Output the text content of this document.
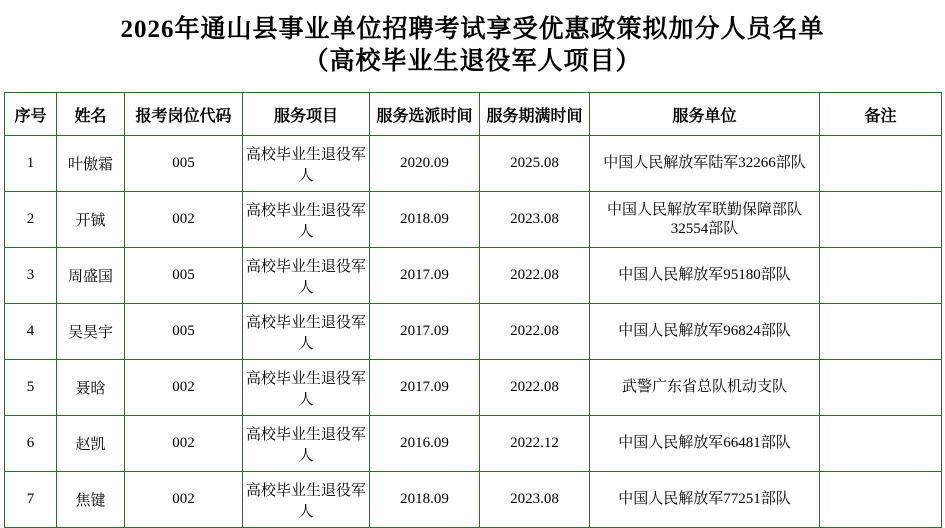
2026年通山县事业单位招聘考试享受优惠政策拟加分人员名单
（高校毕业生退役军人项目）
序号	姓名	报考岗位代码	服务项目	服务选派时间	服务期满时间	服务单位	备注
1	叶傲霜	005	高校毕业生退役军人	2020.09	2025.08	中国人民解放军陆军32266部队	
2	开铖	002	高校毕业生退役军人	2018.09	2023.08	中国人民解放军联勤保障部队32554部队	
3	周盛国	005	高校毕业生退役军人	2017.09	2022.08	中国人民解放军95180部队	
4	吴昊宇	005	高校毕业生退役军人	2017.09	2022.08	中国人民解放军96824部队	
5	聂晗	002	高校毕业生退役军人	2017.09	2022.08	武警广东省总队机动支队	
6	赵凯	002	高校毕业生退役军人	2016.09	2022.12	中国人民解放军66481部队	
7	焦键	002	高校毕业生退役军人	2018.09	2023.08	中国人民解放军77251部队	
